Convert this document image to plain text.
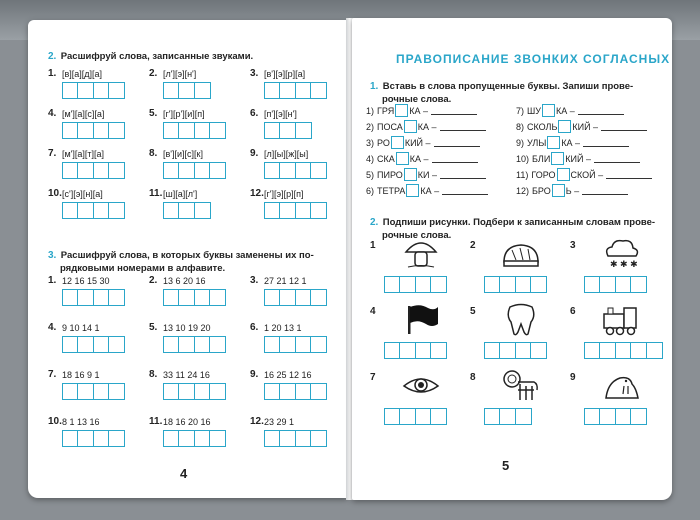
2. Расшифруй слова, записанные звуками.
1. [в][а][д][а]	2. [л'][э][н']	3. [в'][э][р][а]
4. [м'][а][с][а]	5. [г'][р'][и][п]	6. [п'][э][н']
7. [м'][а][т][а]	8. [в'][и][с][к]	9. [л][ы][ж][ы]
10. [с'][э][н][а]	11. [ш][а][л']	12. [г'][э][р][п]
3. Расшифруй слова, в которых буквы заменены их по-
рядковыми номерами в алфавите.
1. 12 16 15 30	2. 13 6 20 16	3. 27 21 12 1
4. 9 10 14 1	5. 13 10 19 20	6. 1 20 13 1
7. 18 16 9 1	8. 33 11 24 16	9. 16 25 12 16
10. 8 1 13 16	11. 18 16 20 16	12. 23 29 1
4
ПРАВОПИСАНИЕ ЗВОНКИХ СОГЛАСНЫХ
1. Вставь в слова пропущенные буквы. Запиши прове-
рочные слова.
1) ГРЯ КА –	7) ШУ КА –
2) ПОСА КА –	8) СКОЛЬ КИЙ –
3) РО КИЙ –	9) УЛЫ КА –
4) СКА КА –	10) БЛИ КИЙ –
5) ПИРО КИ –	11) ГОРО СКОЙ –
6) ТЕТРА КА –	12) БРО Ь –
2. Подпиши рисунки. Подбери к записанным словам прове-
рочные слова.
1	2	3
4	5	6
7	8	9
5
